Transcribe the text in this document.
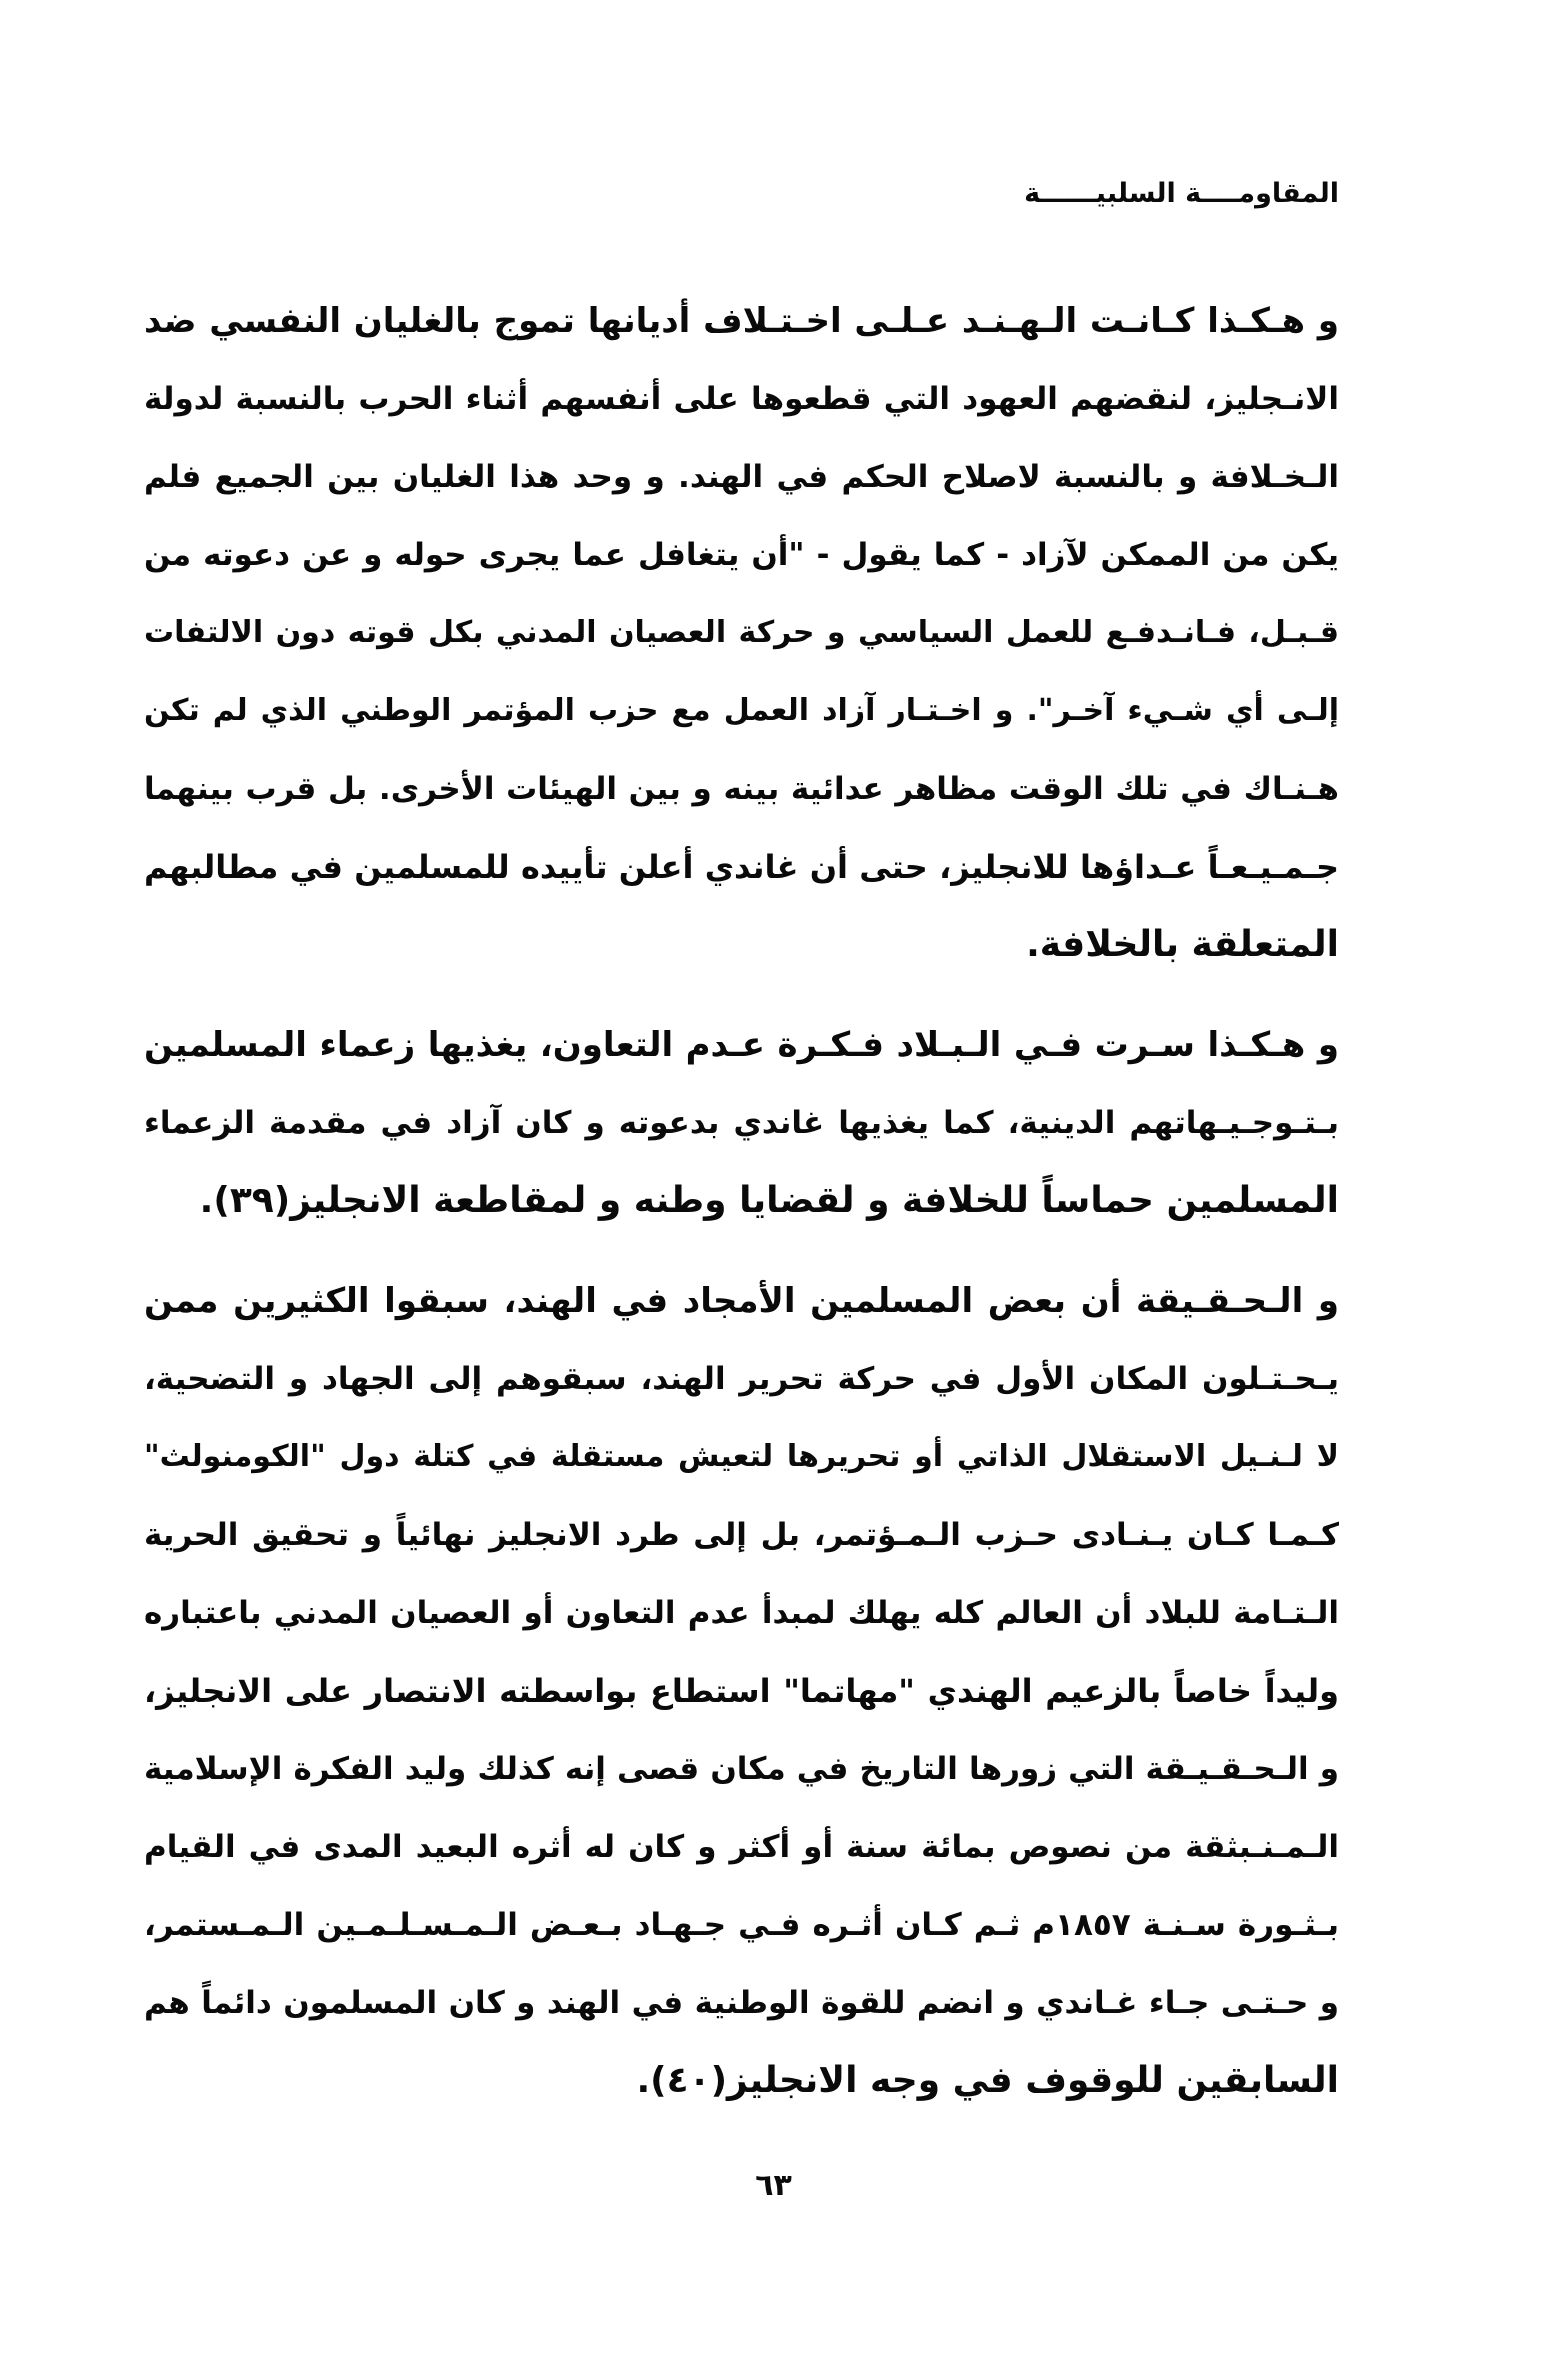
المقاومــــة السلبيــــــة
و هـكـذا كـانـت الـهـنـد عـلـى اخـتـلاف أديانها تموج بالغليان النفسي ضد
الانـجليز، لنقضهم العهود التي قطعوها على أنفسهم أثناء الحرب بالنسبة لدولة
الـخـلافة و بالنسبة لاصلاح الحكم في الهند. و وحد هذا الغليان بين الجميع فلم
يكن من الممكن لآزاد - كما يقول - "أن يتغافل عما يجرى حوله و عن دعوته من
قـبـل، فـانـدفـع للعمل السياسي و حركة العصيان المدني بكل قوته دون الالتفات
إلـى أي شـيء آخـر". و اخـتـار آزاد العمل مع حزب المؤتمر الوطني الذي لم تكن
هـنـاك في تلك الوقت مظاهر عدائية بينه و بين الهيئات الأخرى. بل قرب بينهما
جـمـيـعـاً عـداؤها للانجليز، حتى أن غاندي أعلن تأييده للمسلمين في مطالبهم
المتعلقة بالخلافة.
و هـكـذا سـرت فـي الـبـلاد فـكـرة عـدم التعاون، يغذيها زعماء المسلمين
بـتـوجـيـهاتهم الدينية، كما يغذيها غاندي بدعوته و كان آزاد في مقدمة الزعماء
المسلمين حماساً للخلافة و لقضايا وطنه و لمقاطعة الانجليز(٣٩).
و الـحـقـيقة أن بعض المسلمين الأمجاد في الهند، سبقوا الكثيرين ممن
يـحـتـلون المكان الأول في حركة تحرير الهند، سبقوهم إلى الجهاد و التضحية،
لا لـنـيل الاستقلال الذاتي أو تحريرها لتعيش مستقلة في كتلة دول "الكومنولث"
كـمـا كـان يـنـادى حـزب الـمـؤتمر، بل إلى طرد الانجليز نهائياً و تحقيق الحرية
الـتـامة للبلاد أن العالم كله يهلك لمبدأ عدم التعاون أو العصيان المدني باعتباره
وليداً خاصاً بالزعيم الهندي "مهاتما" استطاع بواسطته الانتصار على الانجليز،
و الـحـقـيـقة التي زورها التاريخ في مكان قصى إنه كذلك وليد الفكرة الإسلامية
الـمـنـبثقة من نصوص بمائة سنة أو أكثر و كان له أثره البعيد المدى في القيام
بـثـورة سـنـة ١٨٥٧م ثـم كـان أثـره فـي جـهـاد بـعـض الـمـسـلـمـين الـمـستمر،
و حـتـى جـاء غـاندي و انضم للقوة الوطنية في الهند و كان المسلمون دائماً هم
السابقين للوقوف في وجه الانجليز(٤٠).
٦٣
